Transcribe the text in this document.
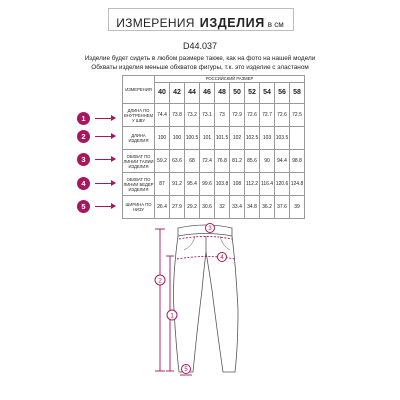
ИЗМЕРЕНИЯ ИЗДЕЛИЯ в см
D44.037
Изделие будет сидеть в любом размере также, как на фото на нашей модели
Обхваты изделия меньше обхватов фигуры, т.к. это изделие с эластаном
ИЗМЕРЕНИЯ	РОССИЙСКИЙ РАЗМЕР									
	40	42	44	46	48	50	52	54	56	58
ДЛИНА ПО ВНУТРЕННЕМУ ШВУ	74.4	73.8	73.2	73.1	73	72.9	72.6	72.7	72.6	72.5
ДЛИНА ИЗДЕЛИЯ	100	100	100.5	101	101.5	102	102.5	103	103.5	
ОБХВАТ ПО ЛИНИИ ТАЛИИ ИЗДЕЛИЯ	59.2	63.6	68	72.4	76.8	81.2	85.6	90	94.4	98.8
ОБХВАТ ПО ЛИНИИ БЕДЕР ИЗДЕЛИЯ	87	91.2	95.4	99.6	103.8	108	112.2	116.4	120.6	124.8
ШИРИНА ПО НИЗУ	26.4	27.9	29.2	30.6	32	33.4	34.8	36.2	37.6	39
1
2
3
4
5
2
1
3
4
5
